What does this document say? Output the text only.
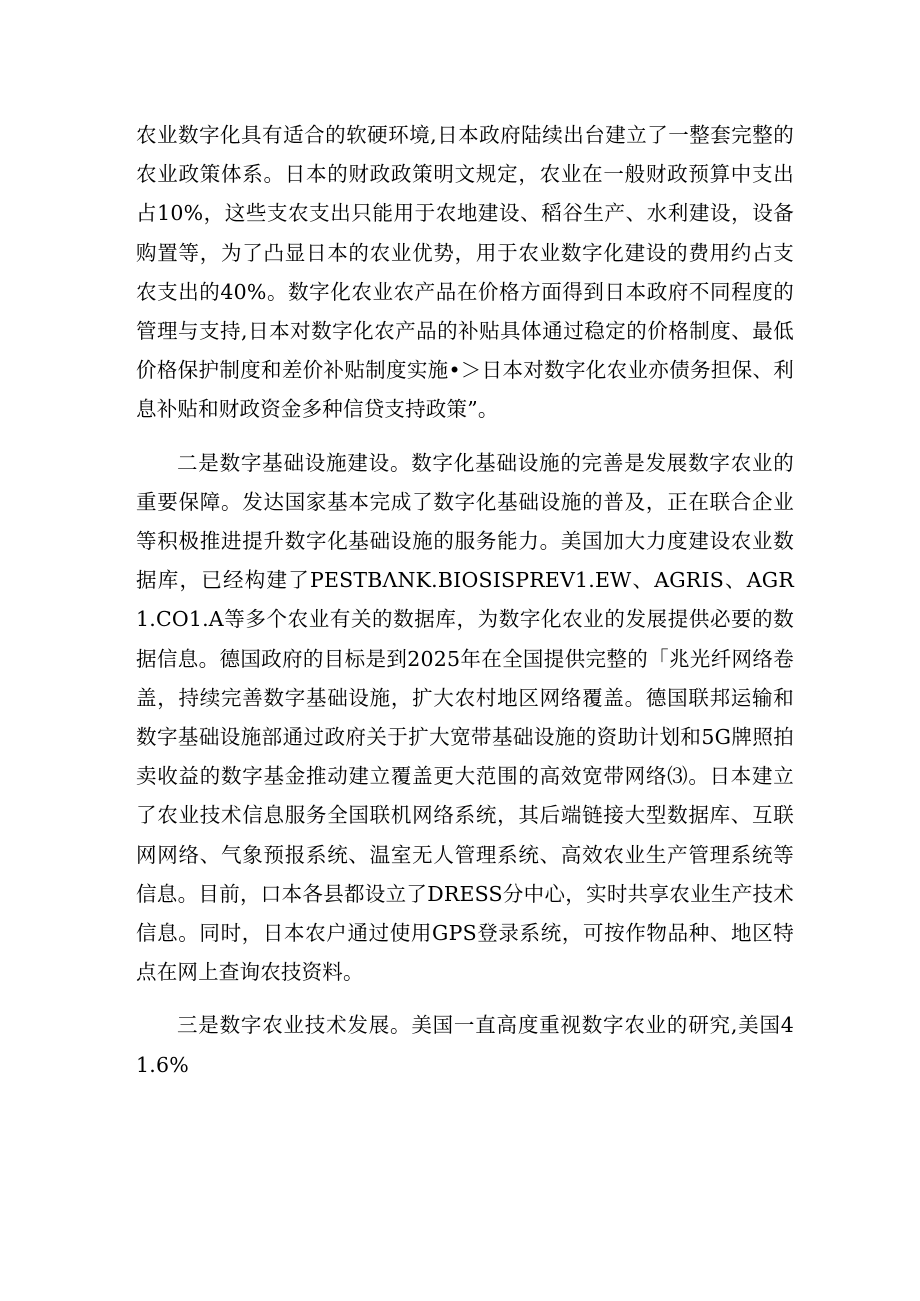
农业数字化具有适合的软硬环境,日本政府陆续出台建立了一整套完整的农业政策体系。日本的财政政策明文规定，农业在一般财政预算中支出占10%，这些支农支出只能用于农地建设、稻谷生产、水利建设，设备购置等，为了凸显日本的农业优势，用于农业数字化建设的费用约占支农支出的40%。数字化农业农产品在价格方面得到日本政府不同程度的管理与支持,日本对数字化农产品的补贴具体通过稳定的价格制度、最低价格保护制度和差价补贴制度实施•＞日本对数字化农业亦债务担保、利息补贴和财政资金多种信贷支持政策”。

二是数字基础设施建设。数字化基础设施的完善是发展数字农业的重要保障。发达国家基本完成了数字化基础设施的普及，正在联合企业等积极推进提升数字化基础设施的服务能力。美国加大力度建设农业数据库，已经构建了PESTBΛNK.BIOSISPREV1.EW、AGRIS、AGR1.CO1.A等多个农业有关的数据库，为数字化农业的发展提供必要的数据信息。德国政府的目标是到2025年在全国提供完整的「兆光纤网络卷盖，持续完善数字基础设施，扩大农村地区网络覆盖。德国联邦运输和数字基础设施部通过政府关于扩大宽带基础设施的资助计划和5G牌照拍卖收益的数字基金推动建立覆盖更大范围的高效宽带网络⑶。日本建立了农业技术信息服务全国联机网络系统，其后端链接大型数据库、互联网网络、气象预报系统、温室无人管理系统、高效农业生产管理系统等信息。目前，口本各县都设立了DRESS分中心，实时共享农业生产技术信息。同时，日本农户通过使用GPS登录系统，可按作物品种、地区特点在网上查询农技资料。

三是数字农业技术发展。美国一直高度重视数字农业的研究,美国41.6%
